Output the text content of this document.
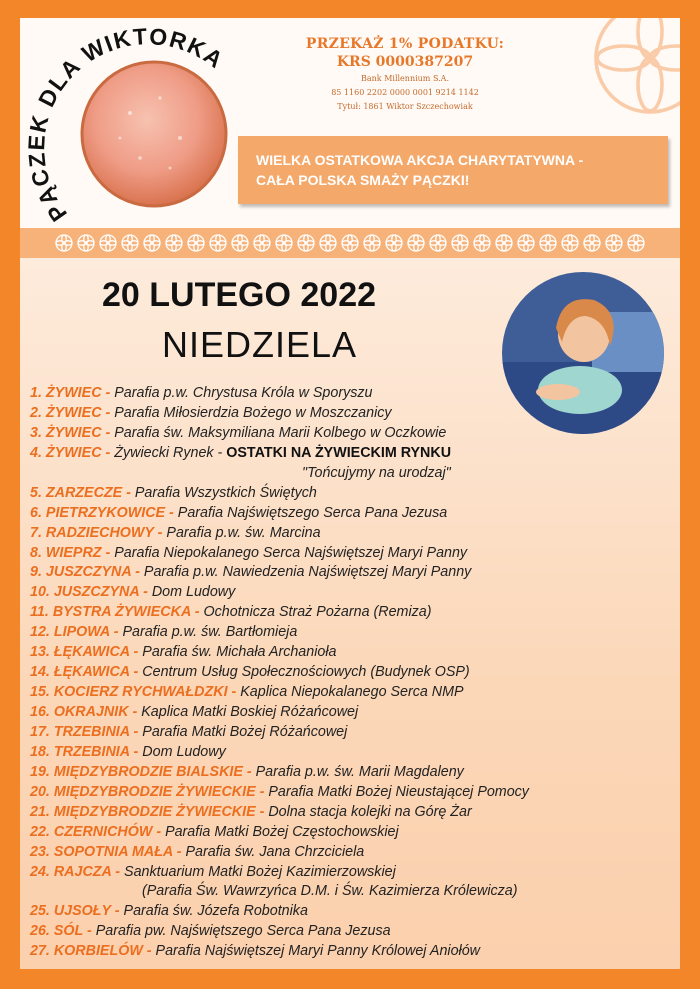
PĄCZEK DLA WIKTORKA	PRZEKAŻ 1% PODATKU:
KRS 0000387207
Bank Millennium S.A.
85 1160 2202 0000 0001 9214 1142
Tytuł: 1861 Wiktor Szczechowiak
WIELKA OSTATKOWA AKCJA CHARYTATYWNA -
CAŁA POLSKA SMAŻY PĄCZKI!
20 LUTEGO 2022
NIEDZIELA
1. ŻYWIEC - Parafia p.w. Chrystusa Króla w Sporyszu
2. ŻYWIEC - Parafia Miłosierdzia Bożego w Moszczanicy
3. ŻYWIEC - Parafia św. Maksymiliana Marii Kolbego w Oczkowie
4. ŻYWIEC - Żywiecki Rynek - OSTATKI NA ŻYWIECKIM RYNKU
"Tońcujymy na urodzaj"
5. ZARZECZE - Parafia Wszystkich Świętych
6. PIETRZYKOWICE - Parafia Najświętszego Serca Pana Jezusa
7. RADZIECHOWY - Parafia p.w. św. Marcina
8. WIEPRZ - Parafia Niepokalanego Serca Najświętszej Maryi Panny
9. JUSZCZYNA - Parafia p.w. Nawiedzenia Najświętszej Maryi Panny
10. JUSZCZYNA - Dom Ludowy
11. BYSTRA ŻYWIECKA - Ochotnicza Straż Pożarna (Remiza)
12. LIPOWA - Parafia p.w. św. Bartłomieja
13. ŁĘKAWICA - Parafia św. Michała Archanioła
14. ŁĘKAWICA - Centrum Usług Społecznościowych (Budynek OSP)
15. KOCIERZ RYCHWAŁDZKI - Kaplica Niepokalanego Serca NMP
16. OKRAJNIK - Kaplica Matki Boskiej Różańcowej
17. TRZEBINIA - Parafia Matki Bożej Różańcowej
18. TRZEBINIA - Dom Ludowy
19. MIĘDZYBRODZIE BIALSKIE - Parafia p.w. św. Marii Magdaleny
20. MIĘDZYBRODZIE ŻYWIECKIE - Parafia Matki Bożej Nieustającej Pomocy
21. MIĘDZYBRODZIE ŻYWIECKIE - Dolna stacja kolejki na Górę Żar
22. CZERNICHÓW - Parafia Matki Bożej Częstochowskiej
23. SOPOTNIA MAŁA - Parafia św. Jana Chrzciciela
24. RAJCZA - Sanktuarium Matki Bożej Kazimierzowskiej
(Parafia Św. Wawrzyńca D.M. i Św. Kazimierza Królewicza)
25. UJSOŁY - Parafia św. Józefa Robotnika
26. SÓL - Parafia pw. Najświętszego Serca Pana Jezusa
27. KORBIELÓW - Parafia Najświętszej Maryi Panny Królowej Aniołów
